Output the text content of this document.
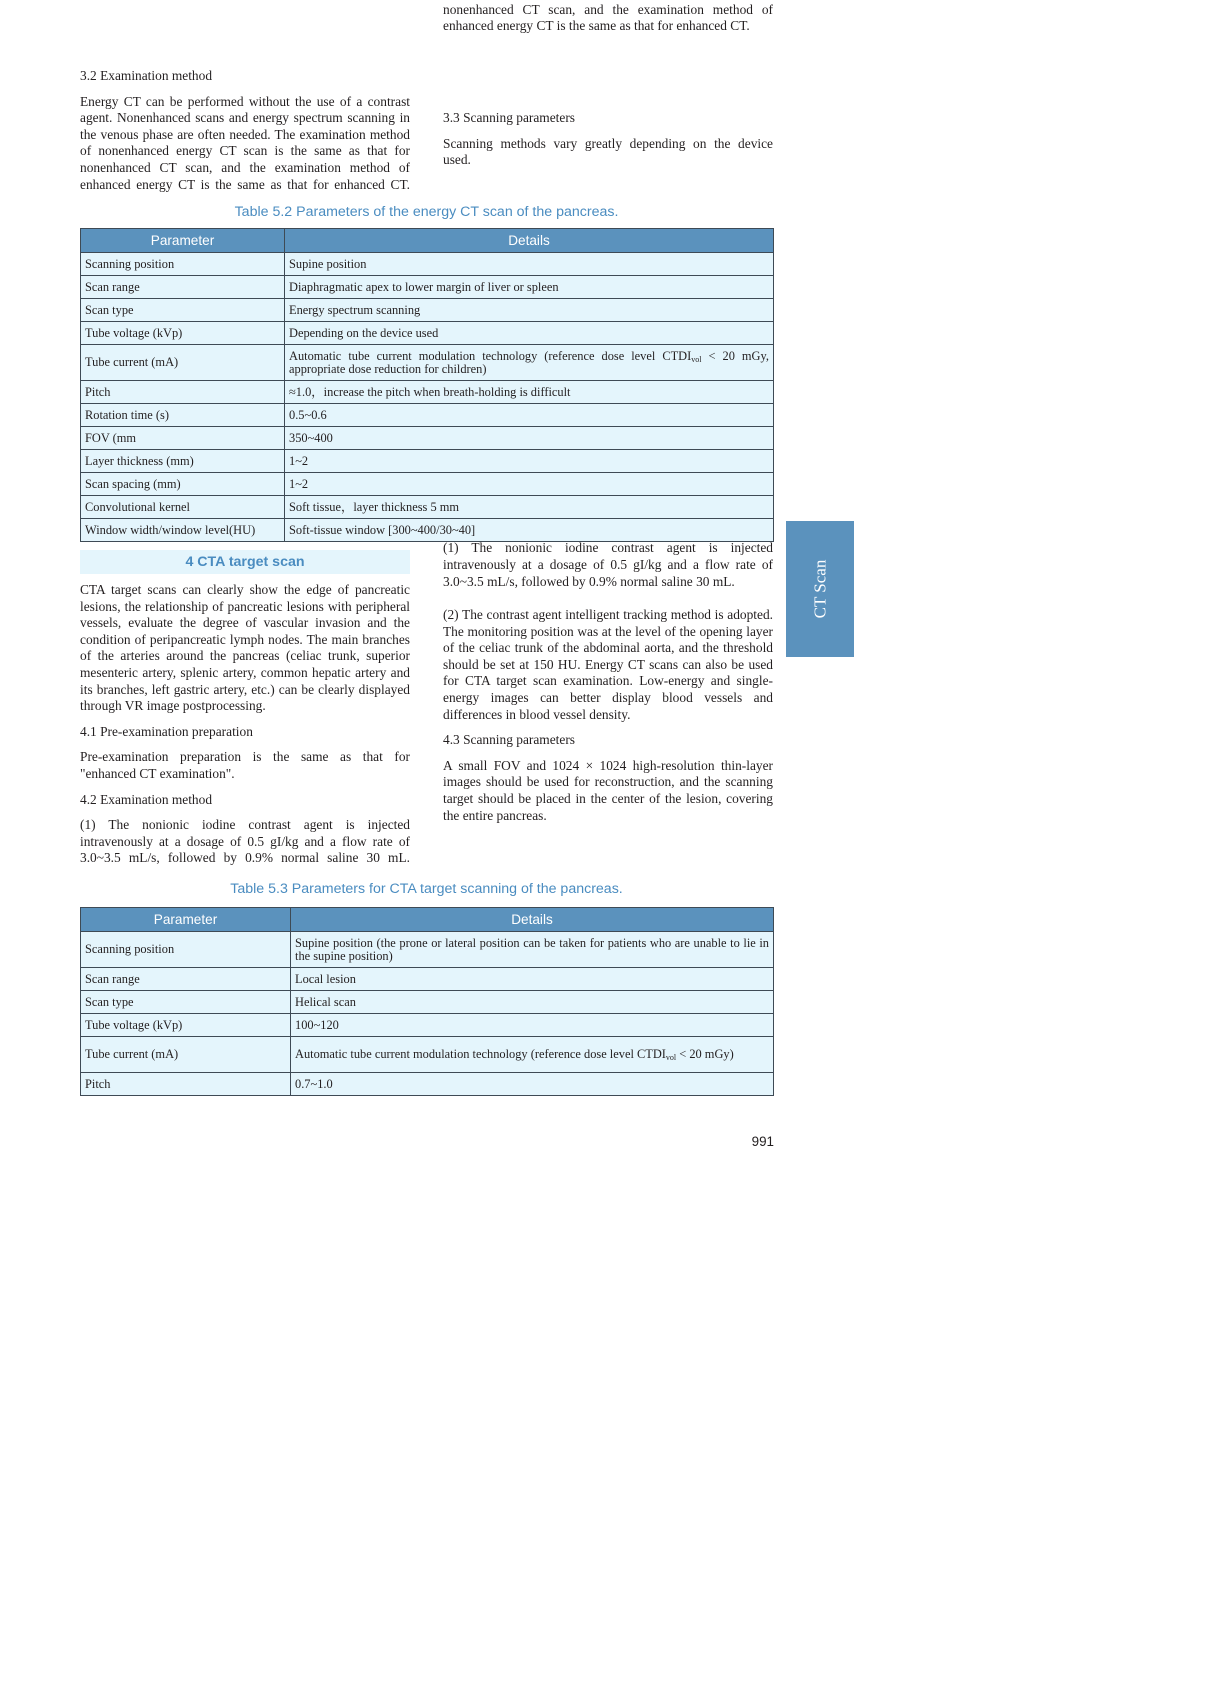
3.2 Examination method

Energy CT can be performed without the use of a contrast agent. Nonenhanced scans and energy spectrum scanning in the venous phase are often needed. The examination method of nonenhanced energy CT scan is the same as that for nonenhanced CT scan, and the examination method of enhanced energy CT is the same as that for enhanced CT.

nonenhanced CT scan, and the examination method of enhanced energy CT is the same as that for enhanced CT.

3.3 Scanning parameters

Scanning methods vary greatly depending on the device used.

Table 5.2 Parameters of the energy CT scan of the pancreas.
Parameter	Details
Scanning position	Supine position
Scan range	Diaphragmatic apex to lower margin of liver or spleen
Scan type	Energy spectrum scanning
Tube voltage (kVp)	Depending on the device used
Tube current (mA)	Automatic tube current modulation technology (reference dose level $CTDI_{vol} < 20$ mGy, appropriate dose reduction for children)
Pitch	≈1.0，increase the pitch when breath-holding is difficult
Rotation time (s)	0.5~0.6
FOV (mm	350~400
Layer thickness (mm)	1~2
Scan spacing (mm)	1~2
Convolutional kernel	Soft tissue，layer thickness 5 mm
Window width/window level(HU)	Soft-tissue window [300~400/30~40]
4 CTA target scan

CTA target scans can clearly show the edge of pancreatic lesions, the relationship of pancreatic lesions with peripheral vessels, evaluate the degree of vascular invasion and the condition of peripancreatic lymph nodes. The main branches of the arteries around the pancreas (celiac trunk, superior mesenteric artery, splenic artery, common hepatic artery and its branches, left gastric artery, etc.) can be clearly displayed through VR image postprocessing.

4.1 Pre-examination preparation

Pre-examination preparation is the same as that for "enhanced CT examination".

4.2 Examination method

(1) The nonionic iodine contrast agent is injected intravenously at a dosage of 0.5 gI/kg and a flow rate of 3.0~3.5 mL/s, followed by 0.9% normal saline 30 mL.

(1) The nonionic iodine contrast agent is injected intravenously at a dosage of 0.5 gI/kg and a flow rate of 3.0~3.5 mL/s, followed by 0.9% normal saline 30 mL.

(2) The contrast agent intelligent tracking method is adopted. The monitoring position was at the level of the opening layer of the celiac trunk of the abdominal aorta, and the threshold should be set at 150 HU. Energy CT scans can also be used for CTA target scan examination. Low-energy and single-energy images can better display blood vessels and differences in blood vessel density.

4.3 Scanning parameters

A small FOV and 1024 × 1024 high-resolution thin-layer images should be used for reconstruction, and the scanning target should be placed in the center of the lesion, covering the entire pancreas.

Table 5.3 Parameters for CTA target scanning of the pancreas.
Parameter	Details
Scanning position	Supine position (the prone or lateral position can be taken for patients who are unable to lie in the supine position)
Scan range	Local lesion
Scan type	Helical scan
Tube voltage (kVp)	100~120
Tube current (mA)	Automatic tube current modulation technology (reference dose level $CTDI_{vol} < 20$ mGy)
Pitch	0.7~1.0
CT Scan
991
